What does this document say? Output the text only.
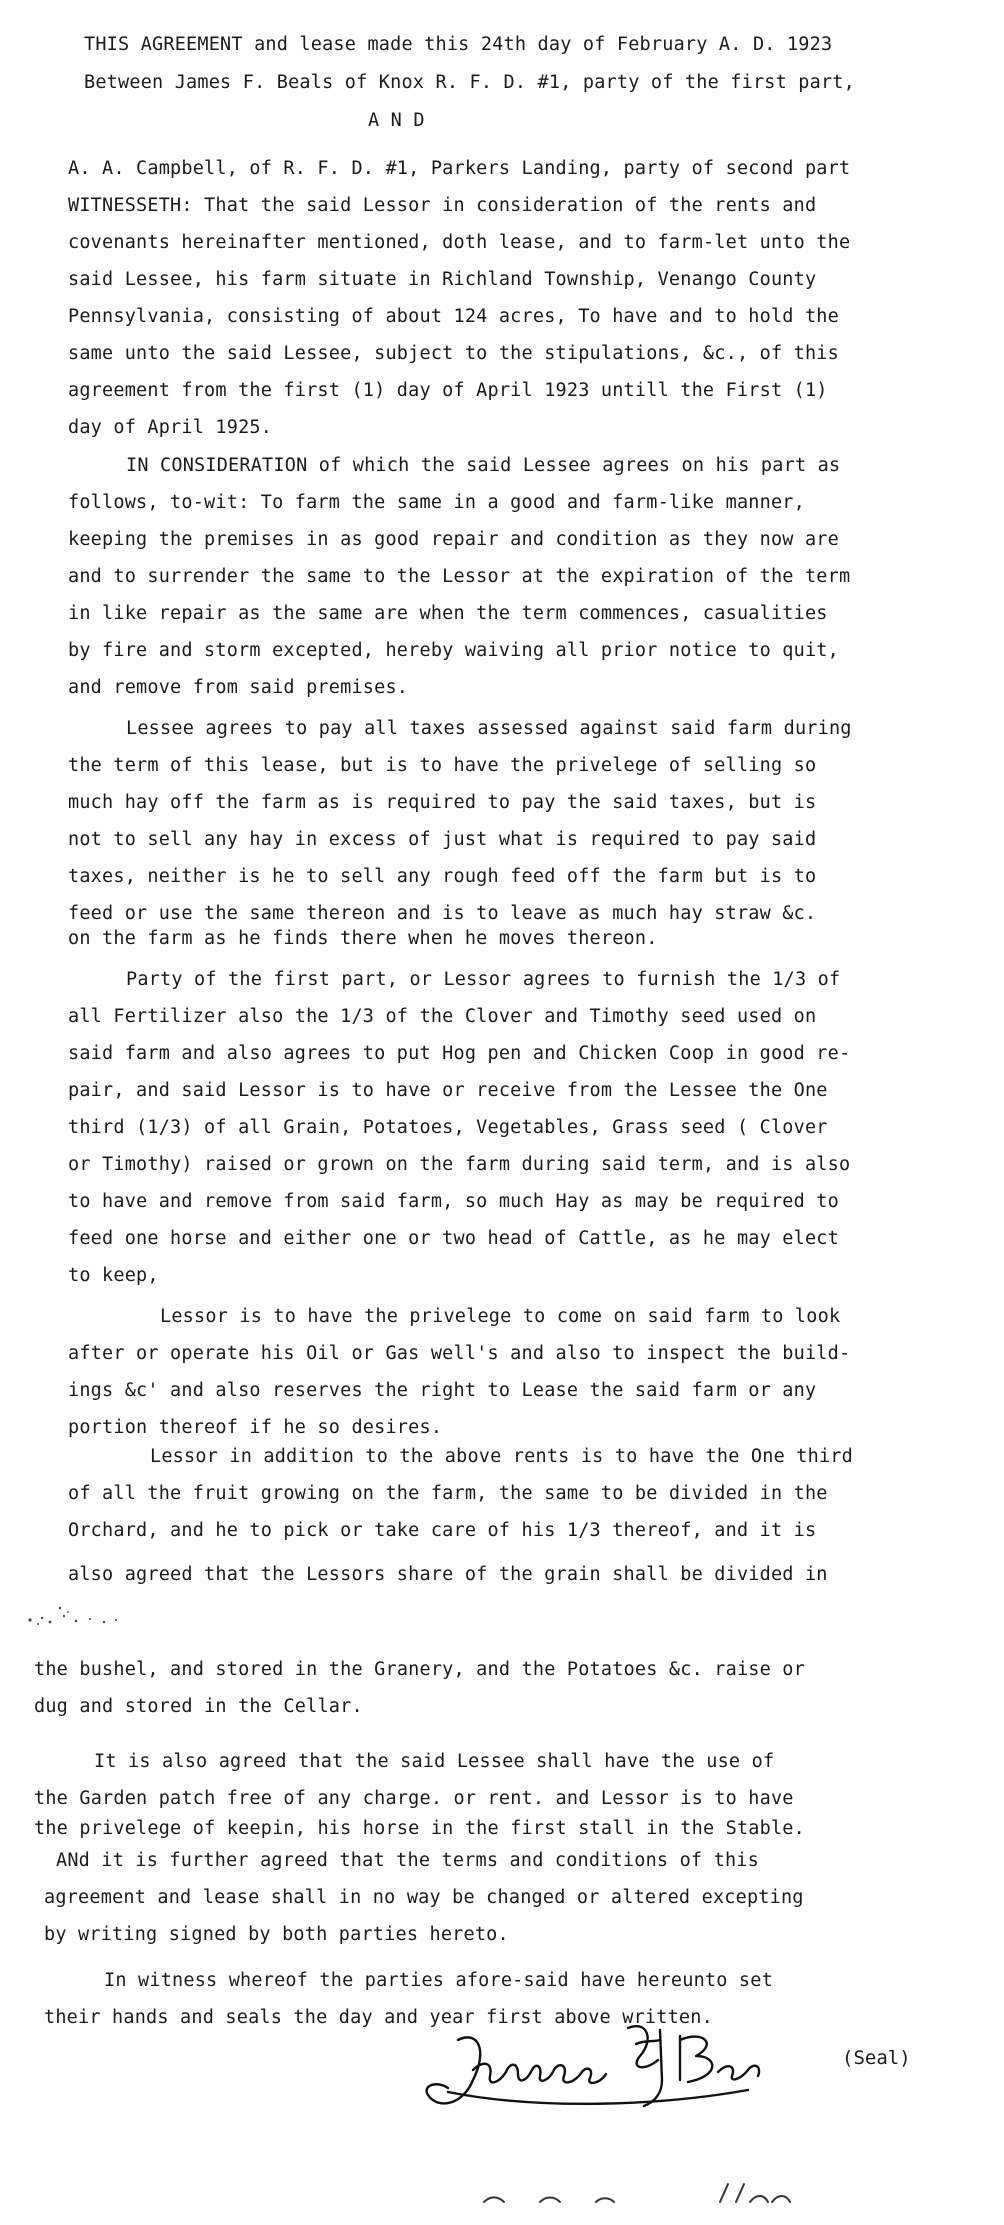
THIS AGREEMENT and lease made this 24th day of February A. D. 1923
Between James F. Beals of Knox R. F. D. #1, party of the first part,
A N D
A. A. Campbell, of R. F. D. #1, Parkers Landing, party of second part
WITNESSETH: That the said Lessor in consideration of the rents and
covenants hereinafter mentioned, doth lease, and to farm-let unto the
said Lessee, his farm situate in Richland Township, Venango County
Pennsylvania, consisting of about 124 acres, To have and to hold the
same unto the said Lessee, subject to the stipulations, &c., of this
agreement from the first (1) day of April 1923 untill the First (1)
day of April 1925.
IN CONSIDERATION of which the said Lessee agrees on his part as
follows, to-wit: To farm the same in a good and farm-like manner,
keeping the premises in as good repair and condition as they now are
and to surrender the same to the Lessor at the expiration of the term
in like repair as the same are when the term commences, casualities
by fire and storm excepted, hereby waiving all prior notice to quit,
and remove from said premises.
Lessee agrees to pay all taxes assessed against said farm during
the term of this lease, but is to have the privelege of selling so
much hay off the farm as is required to pay the said taxes, but is
not to sell any hay in excess of just what is required to pay said
taxes, neither is he to sell any rough feed off the farm but is to
feed or use the same thereon and is to leave as much hay straw &c.
on the farm as he finds there when he moves thereon.
Party of the first part, or Lessor agrees to furnish the 1/3 of
all Fertilizer also the 1/3 of the Clover and Timothy seed used on
said farm and also agrees to put Hog pen and Chicken Coop in good re-
pair, and said Lessor is to have or receive from the Lessee the One
third (1/3) of all Grain, Potatoes, Vegetables, Grass seed ( Clover
or Timothy) raised or grown on the farm during said term, and is also
to have and remove from said farm, so much Hay as may be required to
feed one horse and either one or two head of Cattle, as he may elect
to keep,
Lessor is to have the privelege to come on said farm to look
after or operate his Oil or Gas well's and also to inspect the build-
ings &c' and also reserves the right to Lease the said farm or any
portion thereof if he so desires.
Lessor in addition to the above rents is to have the One third
of all the fruit growing on the farm, the same to be divided in the
Orchard, and he to pick or take care of his 1/3 thereof, and it is
also agreed that the Lessors share of the grain shall be divided in
the bushel, and stored in the Granery, and the Potatoes &c. raise or
dug and stored in the Cellar.
It is also agreed that the said Lessee shall have the use of
the Garden patch free of any charge. or rent. and Lessor is to have
the privelege of keepin, his horse in the first stall in the Stable.
ANd it is further agreed that the terms and conditions of this
agreement and lease shall in no way be changed or altered excepting
by writing signed by both parties hereto.
In witness whereof the parties afore-said have hereunto set
their hands and seals the day and year first above written.
(Seal)
